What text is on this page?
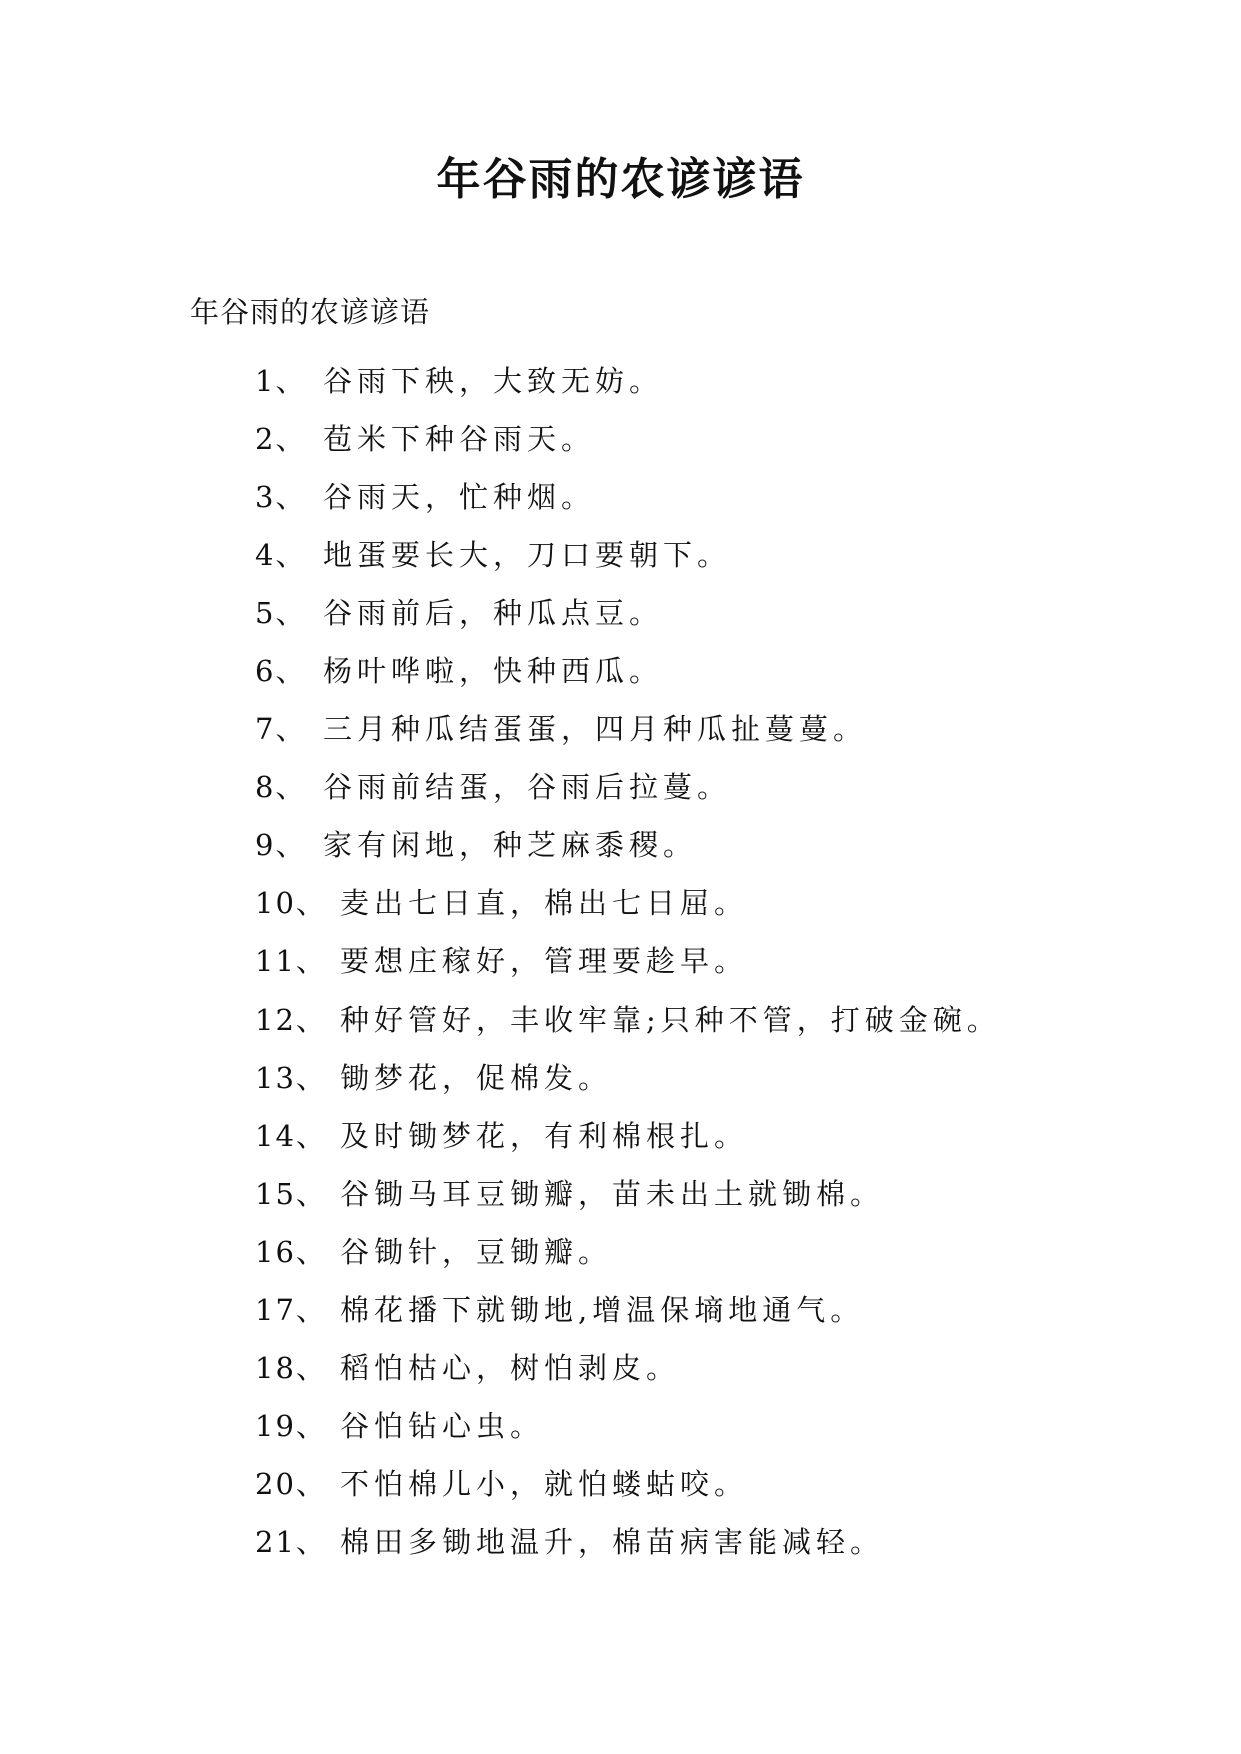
年谷雨的农谚谚语

年谷雨的农谚谚语

1、 谷雨下秧，大致无妨。
2、 苞米下种谷雨天。
3、 谷雨天，忙种烟。
4、 地蛋要长大，刀口要朝下。
5、 谷雨前后，种瓜点豆。
6、 杨叶哗啦，快种西瓜。
7、 三月种瓜结蛋蛋，四月种瓜扯蔓蔓。
8、 谷雨前结蛋，谷雨后拉蔓。
9、 家有闲地，种芝麻黍稷。
10、 麦出七日直，棉出七日屈。
11、 要想庄稼好，管理要趁早。
12、 种好管好，丰收牢靠;只种不管，打破金碗。
13、 锄梦花，促棉发。
14、 及时锄梦花，有利棉根扎。
15、 谷锄马耳豆锄瓣，苗未出土就锄棉。
16、 谷锄针，豆锄瓣。
17、 棉花播下就锄地,增温保墒地通气。
18、 稻怕枯心，树怕剥皮。
19、 谷怕钻心虫。
20、 不怕棉儿小，就怕蝼蛄咬。
21、 棉田多锄地温升，棉苗病害能减轻。
